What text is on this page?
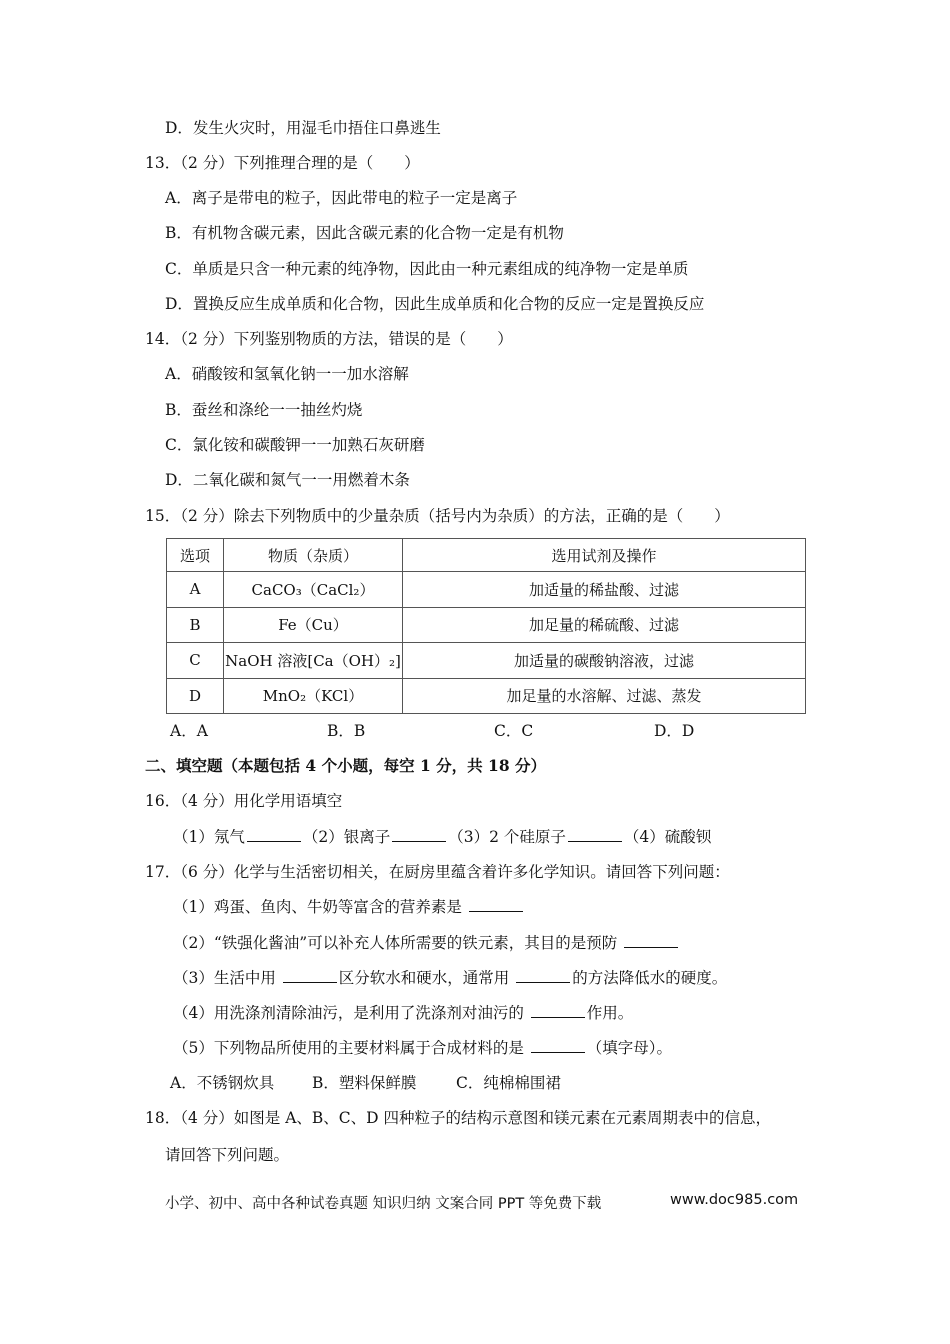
D．发生火灾时，用湿毛巾捂住口鼻逃生
13．（2 分）下列推理合理的是（　　）
A．离子是带电的粒子，因此带电的粒子一定是离子
B．有机物含碳元素，因此含碳元素的化合物一定是有机物
C．单质是只含一种元素的纯净物，因此由一种元素组成的纯净物一定是单质
D．置换反应生成单质和化合物，因此生成单质和化合物的反应一定是置换反应
14．（2 分）下列鉴别物质的方法，错误的是（　　）
A．硝酸铵和氢氧化钠一一加水溶解
B．蚕丝和涤纶一一抽丝灼烧
C．氯化铵和碳酸钾一一加熟石灰研磨
D．二氧化碳和氮气一一用燃着木条
15．（2 分）除去下列物质中的少量杂质（括号内为杂质）的方法，正确的是（　　）
选项	物质（杂质）	选用试剂及操作
A	CaCO₃（CaCl₂）	加适量的稀盐酸、过滤
B	Fe（Cu）	加足量的稀硫酸、过滤
C	NaOH 溶液[Ca（OH）₂]	加适量的碳酸钠溶液，过滤
D	MnO₂（KCl）	加足量的水溶解、过滤、蒸发
A．A	B．B	C．C	D．D
二、填空题（本题包括 4 个小题，每空 1 分，共 18 分）
16．（4 分）用化学用语填空
（1）氖气	（2）银离子	（3）2 个硅原子	（4）硫酸钡
17．（6 分）化学与生活密切相关，在厨房里蕴含着许多化学知识。请回答下列问题：
（1）鸡蛋、鱼肉、牛奶等富含的营养素是
（2）“铁强化酱油”可以补充人体所需要的铁元素，其目的是预防
（3）生活中用	区分软水和硬水，通常用	的方法降低水的硬度。
（4）用洗涤剂清除油污，是利用了洗涤剂对油污的	作用。
（5）下列物品所使用的主要材料属于合成材料的是	（填字母）。
A．不锈钢炊具 B．塑料保鲜膜	C．纯棉棉围裙
18．（4 分）如图是 A、B、C、D 四种粒子的结构示意图和镁元素在元素周期表中的信息，
请回答下列问题。
小学、初中、高中各种试卷真题 知识归纳 文案合同 PPT 等免费下载	www.doc985.com
